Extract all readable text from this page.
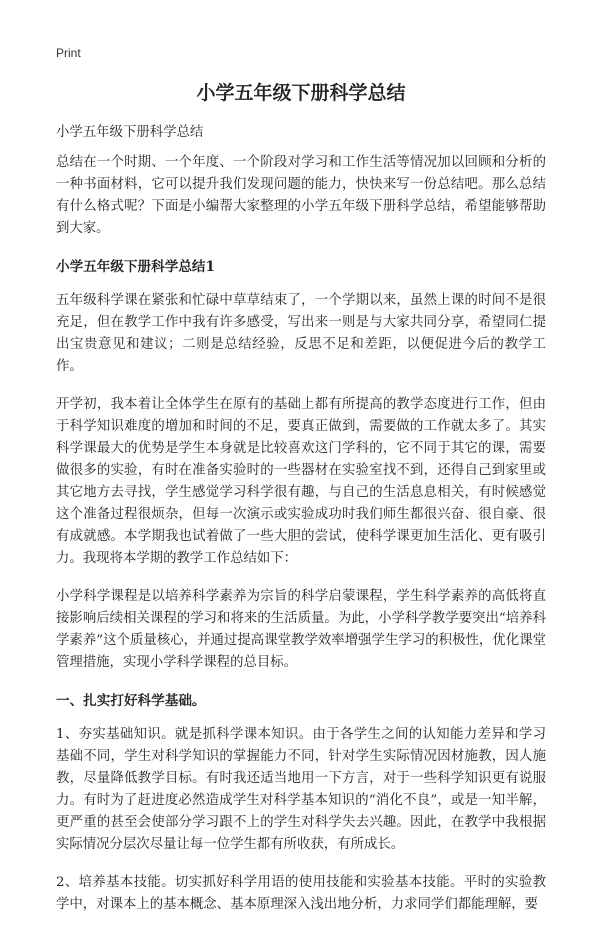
Print
小学五年级下册科学总结
小学五年级下册科学总结

总结在一个时期、一个年度、一个阶段对学习和工作生活等情况加以回顾和分析的一种书面材料，它可以提升我们发现问题的能力，快快来写一份总结吧。那么总结有什么格式呢？下面是小编帮大家整理的小学五年级下册科学总结，希望能够帮助到大家。

小学五年级下册科学总结1

五年级科学课在紧张和忙碌中草草结束了，一个学期以来，虽然上课的时间不是很充足，但在教学工作中我有许多感受，写出来一则是与大家共同分享，希望同仁提出宝贵意见和建议；二则是总结经验，反思不足和差距，以便促进今后的教学工作。

开学初，我本着让全体学生在原有的基础上都有所提高的教学态度进行工作，但由于科学知识难度的增加和时间的不足，要真正做到，需要做的工作就太多了。其实科学课最大的优势是学生本身就是比较喜欢这门学科的，它不同于其它的课，需要做很多的实验，有时在准备实验时的一些器材在实验室找不到，还得自己到家里或其它地方去寻找，学生感觉学习科学很有趣，与自己的生活息息相关，有时候感觉这个准备过程很烦杂，但每一次演示或实验成功时我们师生都很兴奋、很自豪、很有成就感。本学期我也试着做了一些大胆的尝试，使科学课更加生活化、更有吸引力。我现将本学期的教学工作总结如下：

小学科学课程是以培养科学素养为宗旨的科学启蒙课程，学生科学素养的高低将直接影响后续相关课程的学习和将来的生活质量。为此，小学科学教学要突出“培养科学素养”这个质量核心，并通过提高课堂教学效率增强学生学习的积极性，优化课堂管理措施，实现小学科学课程的总目标。

一、扎实打好科学基础。

1、夯实基础知识。就是抓科学课本知识。由于各学生之间的认知能力差异和学习基础不同，学生对科学知识的掌握能力不同，针对学生实际情况因材施教，因人施教，尽量降低教学目标。有时我还适当地用一下方言，对于一些科学知识更有说服力。有时为了赶进度必然造成学生对科学基本知识的“消化不良”，或是一知半解，更严重的甚至会使部分学习跟不上的学生对科学失去兴趣。因此，在教学中我根据实际情况分层次尽量让每一位学生都有所收获，有所成长。

2、培养基本技能。切实抓好科学用语的使用技能和实验基本技能。平时的实验教学中，对课本上的基本概念、基本原理深入浅出地分析，力求同学们都能理解，要
